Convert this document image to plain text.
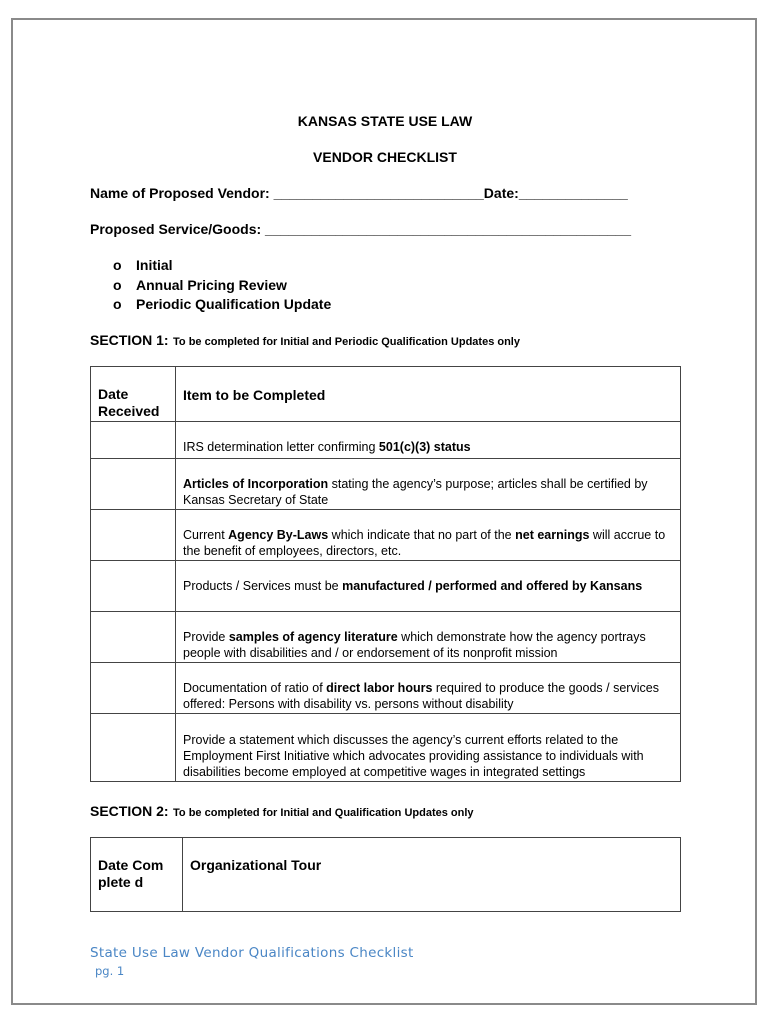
KANSAS STATE USE LAW
VENDOR CHECKLIST
Name of Proposed Vendor: ___________________________Date:______________
Proposed Service/Goods: _______________________________________________
o Initial
o Annual Pricing Review
o Periodic Qualification Update
SECTION 1: To be completed for Initial and Periodic Qualification Updates only
Date Received	Item to be Completed

	IRS determination letter confirming 501(c)(3) status

	Articles of Incorporation stating the agency’s purpose; articles shall be certified by Kansas Secretary of State

	Current Agency By-Laws which indicate that no part of the net earnings will accrue to the benefit of employees, directors, etc.

	Products / Services must be manufactured / performed and offered by Kansans

	Provide samples of agency literature which demonstrate how the agency portrays people with disabilities and / or endorsement of its nonprofit mission

	Documentation of ratio of direct labor hours required to produce the goods / services offered: Persons with disability vs. persons without disability

	Provide a statement which discusses the agency’s current efforts related to the Employment First Initiative which advocates providing assistance to individuals with disabilities become employed at competitive wages in integrated settings
SECTION 2: To be completed for Initial and Qualification Updates only
Date Complete d	Organizational Tour
State Use Law Vendor Qualifications Checklist
pg. 1
